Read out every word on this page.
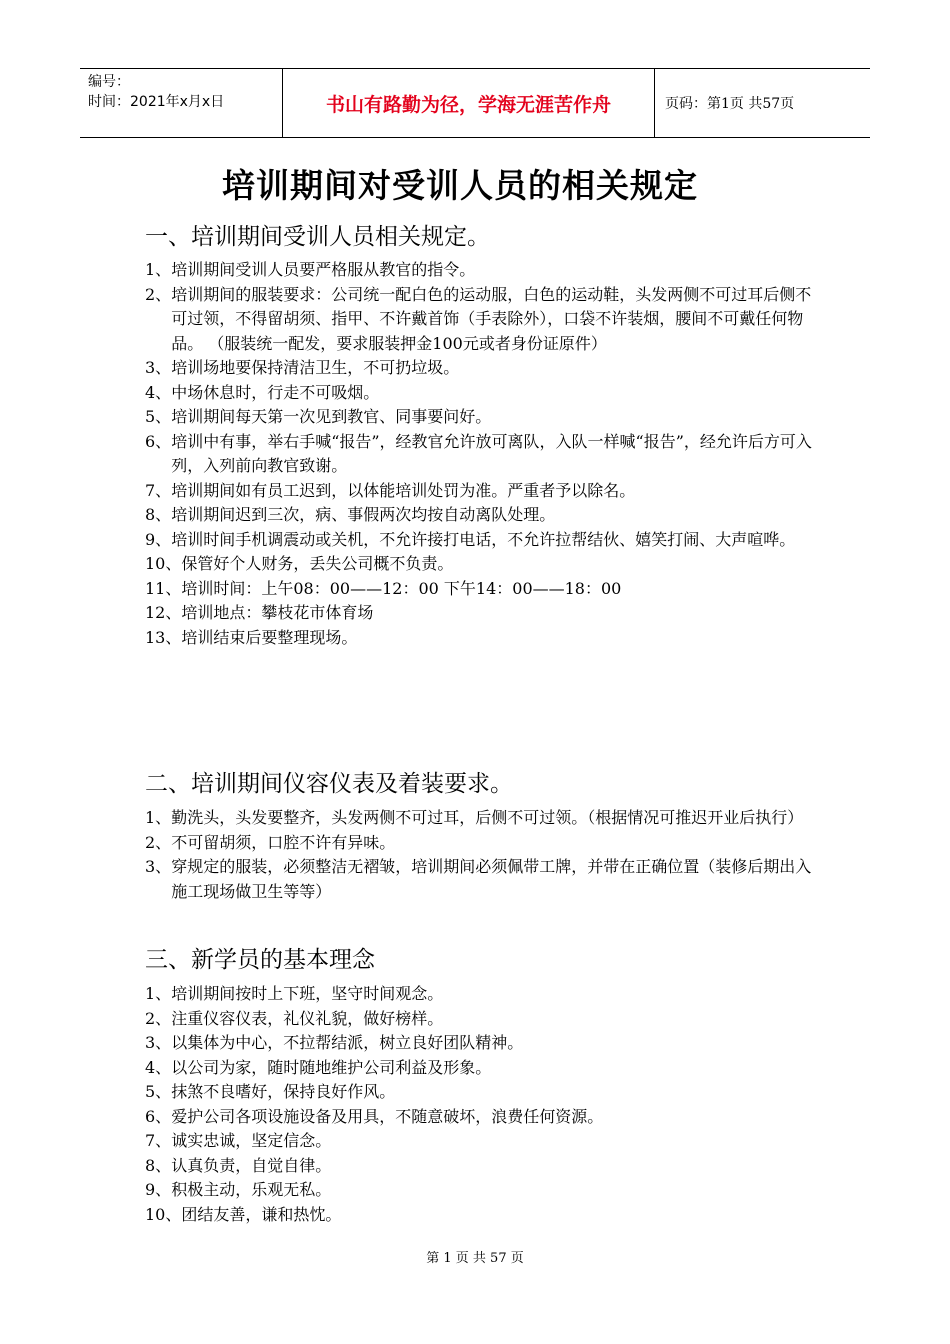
编号：
时间：2021年x月x日	书山有路勤为径，学海无涯苦作舟	页码：第1页 共57页
培训期间对受训人员的相关规定
一、培训期间受训人员相关规定。
1、 培训期间受训人员要严格服从教官的指令。
2、 培训期间的服装要求：公司统一配白色的运动服，白色的运动鞋，头发两侧不可过耳后侧不可过领，不得留胡须、指甲、不许戴首饰（手表除外），口袋不许装烟，腰间不可戴任何物品。 （服装统一配发，要求服装押金100元或者身份证原件）
3、 培训场地要保持清洁卫生，不可扔垃圾。
4、 中场休息时，行走不可吸烟。
5、 培训期间每天第一次见到教官、同事要问好。
6、 培训中有事，举右手喊“报告”，经教官允许放可离队，入队一样喊“报告”，经允许后方可入列，入列前向教官致谢。
7、 培训期间如有员工迟到，以体能培训处罚为准。严重者予以除名。
8、 培训期间迟到三次，病、事假两次均按自动离队处理。
9、 培训时间手机调震动或关机，不允许接打电话，不允许拉帮结伙、嬉笑打闹、大声喧哗。
10、 保管好个人财务，丢失公司概不负责。
11、 培训时间：上午08：00——12：00 下午14：00——18：00
12、 培训地点：攀枝花市体育场
13、 培训结束后要整理现场。
二、培训期间仪容仪表及着装要求。
1、 勤洗头，头发要整齐，头发两侧不可过耳，后侧不可过领。（根据情况可推迟开业后执行）
2、 不可留胡须，口腔不许有异味。
3、 穿规定的服装，必须整洁无褶皱，培训期间必须佩带工牌，并带在正确位置（装修后期出入施工现场做卫生等等）
三、新学员的基本理念
1、 培训期间按时上下班，坚守时间观念。
2、 注重仪容仪表，礼仪礼貌，做好榜样。
3、 以集体为中心，不拉帮结派，树立良好团队精神。
4、 以公司为家，随时随地维护公司利益及形象。
5、 抹煞不良嗜好，保持良好作风。
6、 爱护公司各项设施设备及用具，不随意破坏，浪费任何资源。
7、 诚实忠诚，坚定信念。
8、 认真负责，自觉自律。
9、 积极主动，乐观无私。
10、 团结友善，谦和热忱。
第 1 页 共 57 页
